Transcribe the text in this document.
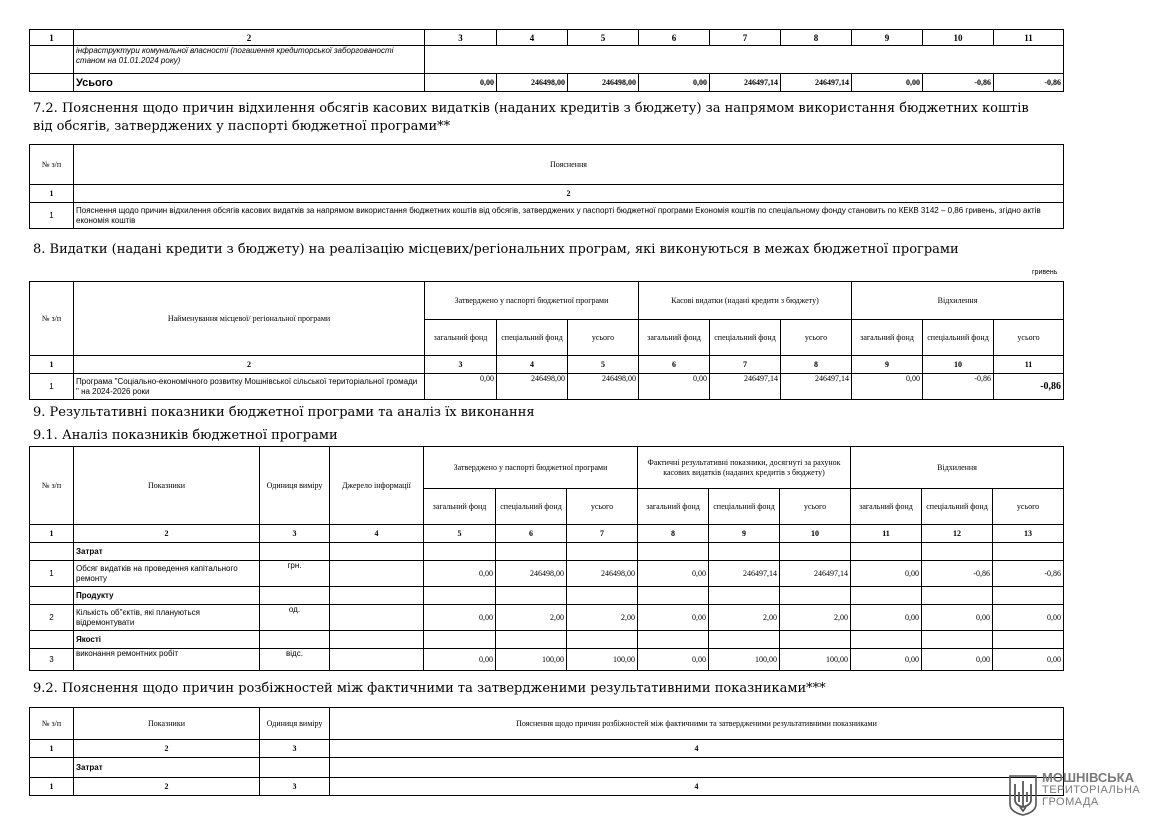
1	2	3	4	5	6	7	8	9	10	11
	інфраструктури комунальної власності (погашення кредиторської заборгованості станом на 01.01.2024 року)									
	Усього	0,00	246498,00	246498,00	0,00	246497,14	246497,14	0,00	-0,86	-0,86
7.2. Пояснення щодо причин відхилення обсягів касових видатків (наданих кредитів з бюджету) за напрямом використання бюджетних коштів від обсягів, затверджених у паспорті бюджетної програми**
№ з/п	Пояснення
1	2
1	Пояснення щодо причин відхилення обсягів касових видатків за напрямом використання бюджетних коштів від обсягів, затверджених у паспорті бюджетної програми Економія коштів по спеціальному фонду становить по КЕКВ 3142 – 0,86 гривень, згідно актів економія коштів
8. Видатки (надані кредити з бюджету) на реалізацію місцевих/регіональних програм, які виконуються в межах бюджетної програми
гривень
№ з/п	Найменування місцевої/ регіональної програми	Затверджено у паспорті бюджетної програми			Касові видатки (надані кредити з бюджету)			Відхилення		
		загальний фонд	спеціальний фонд	усього	загальний фонд	спеціальний фонд	усього	загальний фонд	спеціальний фонд	усього
1	2	3	4	5	6	7	8	9	10	11
1	Програма "Соціально-економічного розвитку Мошнівської сільської територіальної громади " на 2024-2026 роки	0,00	246498,00	246498,00	0,00	246497,14	246497,14	0,00	-0,86	-0,86
9. Результативні показники бюджетної програми та аналіз їх виконання
9.1. Аналіз показників бюджетної програми
№ з/п	Показники	Одиниця виміру	Джерело інформації	Затверджено у паспорті бюджетної програми			Фактичні результативні показники, досягнуті за рахунок касових видатків (наданих кредитів з бюджету)			Відхилення		
				загальний фонд	спеціальний фонд	усього	загальний фонд	спеціальний фонд	усього	загальний фонд	спеціальний фонд	усього
1	2	3	4	5	6	7	8	9	10	11	12	13
	Затрат											
1	Обсяг видатків на проведення капітального ремонту	грн.		0,00	246498,00	246498,00	0,00	246497,14	246497,14	0,00	-0,86	-0,86
	Продукту											
2	Кількість об"єктів, які плануються відремонтувати	од.		0,00	2,00	2,00	0,00	2,00	2,00	0,00	0,00	0,00
	Якості											
3	виконання ремонтних робіт	відс.		0,00	100,00	100,00	0,00	100,00	100,00	0,00	0,00	0,00
9.2. Пояснення щодо причин розбіжностей між фактичними та затвердженими результативними показниками***
№ з/п	Показники	Одиниця виміру	Пояснення щодо причин розбіжностей між фактичними та затвердженими результативними показниками
1	2	3	4
	Затрат		
1	2	3	4
МОШНІВСЬКА
ТЕРИТОРІАЛЬНА
ГРОМАДА
